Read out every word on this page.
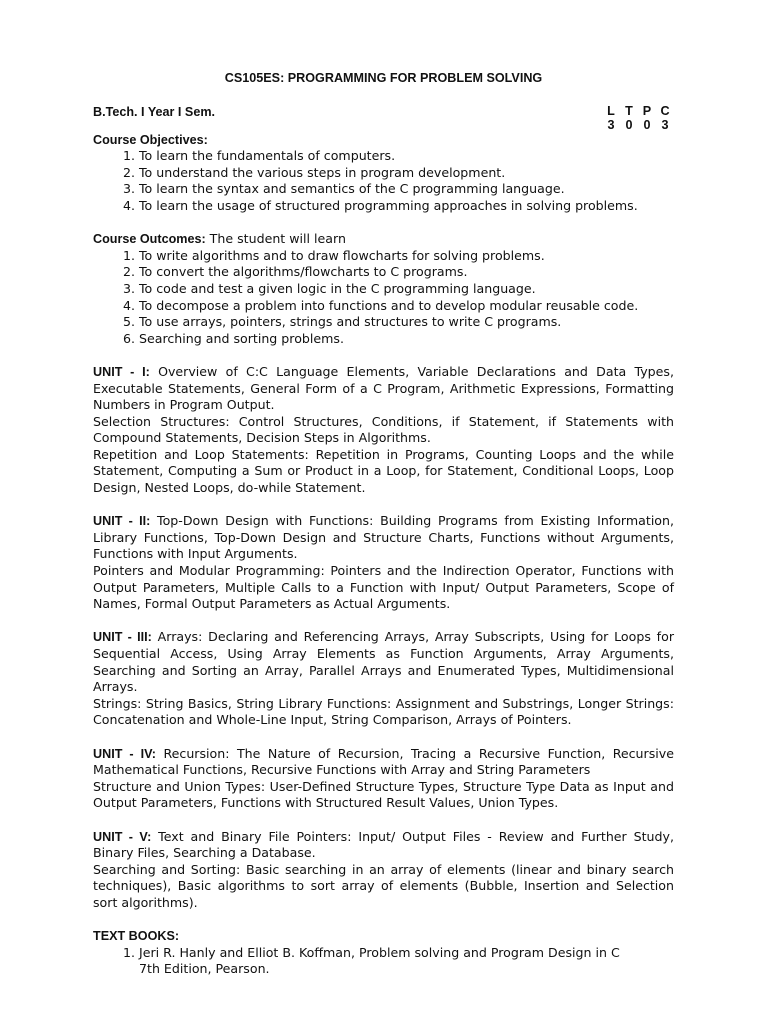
CS105ES: PROGRAMMING FOR PROBLEM SOLVING
B.Tech. I Year I Sem.	L T P C
3 0 0 3
Course Objectives:
1. To learn the fundamentals of computers.
2. To understand the various steps in program development.
3. To learn the syntax and semantics of the C programming language.
4. To learn the usage of structured programming approaches in solving problems.
Course Outcomes: The student will learn
1. To write algorithms and to draw flowcharts for solving problems.
2. To convert the algorithms/flowcharts to C programs.
3. To code and test a given logic in the C programming language.
4. To decompose a problem into functions and to develop modular reusable code.
5. To use arrays, pointers, strings and structures to write C programs.
6. Searching and sorting problems.

UNIT - I: Overview of C:C Language Elements, Variable Declarations and Data Types, Executable Statements, General Form of a C Program, Arithmetic Expressions, Formatting Numbers in Program Output.

Selection Structures: Control Structures, Conditions, if Statement, if Statements with Compound Statements, Decision Steps in Algorithms.

Repetition and Loop Statements: Repetition in Programs, Counting Loops and the while Statement, Computing a Sum or Product in a Loop, for Statement, Conditional Loops, Loop Design, Nested Loops, do-while Statement.

UNIT - II: Top-Down Design with Functions: Building Programs from Existing Information, Library Functions, Top-Down Design and Structure Charts, Functions without Arguments, Functions with Input Arguments.

Pointers and Modular Programming: Pointers and the Indirection Operator, Functions with Output Parameters, Multiple Calls to a Function with Input/ Output Parameters, Scope of Names, Formal Output Parameters as Actual Arguments.

UNIT - III: Arrays: Declaring and Referencing Arrays, Array Subscripts, Using for Loops for Sequential Access, Using Array Elements as Function Arguments, Array Arguments, Searching and Sorting an Array, Parallel Arrays and Enumerated Types, Multidimensional Arrays.

Strings: String Basics, String Library Functions: Assignment and Substrings, Longer Strings: Concatenation and Whole-Line Input, String Comparison, Arrays of Pointers.

UNIT - IV: Recursion: The Nature of Recursion, Tracing a Recursive Function, Recursive Mathematical Functions, Recursive Functions with Array and String Parameters

Structure and Union Types: User-Defined Structure Types, Structure Type Data as Input and Output Parameters, Functions with Structured Result Values, Union Types.

UNIT - V: Text and Binary File Pointers: Input/ Output Files - Review and Further Study, Binary Files, Searching a Database.

Searching and Sorting: Basic searching in an array of elements (linear and binary search techniques), Basic algorithms to sort array of elements (Bubble, Insertion and Selection sort algorithms).

TEXT BOOKS:
1. Jeri R. Hanly and Elliot B. Koffman, Problem solving and Program Design in C
7th Edition, Pearson.
